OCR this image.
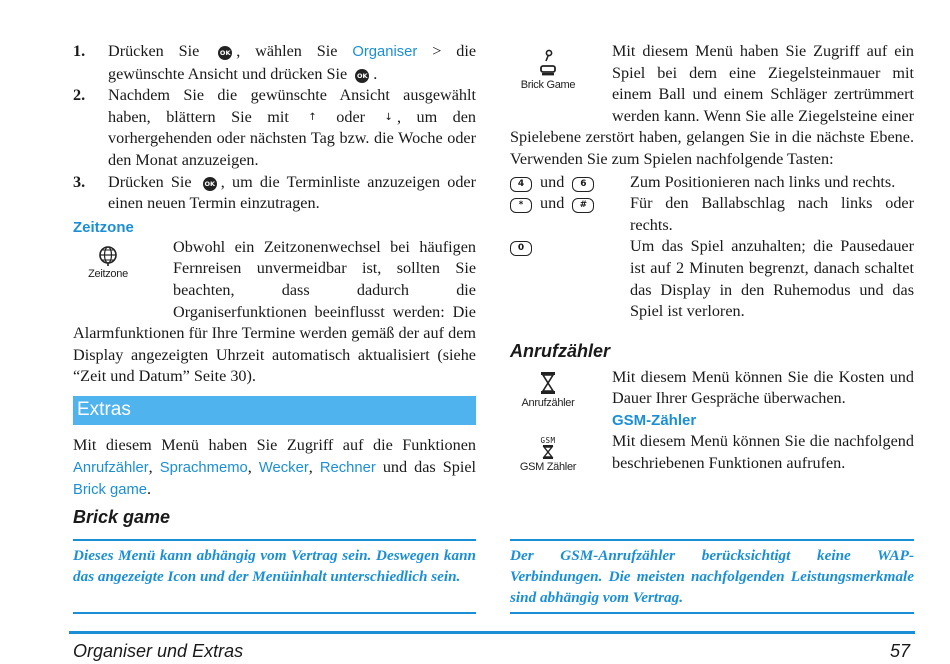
1. Drücken Sie	OK , wählen Sie Organiser > die gewünschte Ansicht und drücken Sie OK .
2. Nachdem Sie die gewünschte Ansicht ausgewählt haben, blättern Sie mit ↑ oder ↓ , um den vorhergehenden oder nächsten Tag bzw. die Woche oder den Monat anzuzeigen.
3. Drücken Sie OK , um die Terminliste anzuzeigen oder einen neuen Termin einzutragen.
Zeitzone
Zeitzone
Obwohl ein Zeitzonenwechsel bei häufigen Fernreisen unvermeidbar ist, sollten Sie beachten, dass dadurch die Organiserfunktionen beeinflusst werden: Die Alarmfunktionen für Ihre Termine werden gemäß der auf dem Display angezeigten Uhrzeit automatisch aktualisiert (siehe “Zeit und Datum” Seite 30).
Extras
Mit diesem Menü haben Sie Zugriff auf die Funktionen Anrufzähler, Sprachmemo, Wecker, Rechner und das Spiel Brick game.
Brick game
Dieses Menü kann abhängig vom Vertrag sein. Deswegen kann das angezeigte Icon und der Menüinhalt unterschiedlich sein.
Brick Game
Mit diesem Menü haben Sie Zugriff auf ein Spiel bei dem eine Ziegelsteinmauer mit einem Ball und einem Schläger zertrümmert werden kann. Wenn Sie alle Ziegelsteine einer Spielebene zerstört haben, gelangen Sie in die nächste Ebene. Verwenden Sie zum Spielen nachfolgende Tasten:
4 und 6	Zum Positionieren nach links und rechts.
* und #	Für den Ballabschlag nach links oder rechts.
0	Um das Spiel anzuhalten; die Pausedauer ist auf 2 Minuten begrenzt, danach schaltet das Display in den Ruhemodus und das Spiel ist verloren.
Anrufzähler
Anrufzähler
Mit diesem Menü können Sie die Kosten und Dauer Ihrer Gespräche überwachen.
GSM-Zähler
GSM
GSM Zähler
Mit diesem Menü können Sie die nachfolgend beschriebenen Funktionen aufrufen.
Der GSM-Anrufzähler berücksichtigt keine WAP-Verbindungen. Die meisten nachfolgenden Leistungsmerkmale sind abhängig vom Vertrag.
Organiser und Extras	57
